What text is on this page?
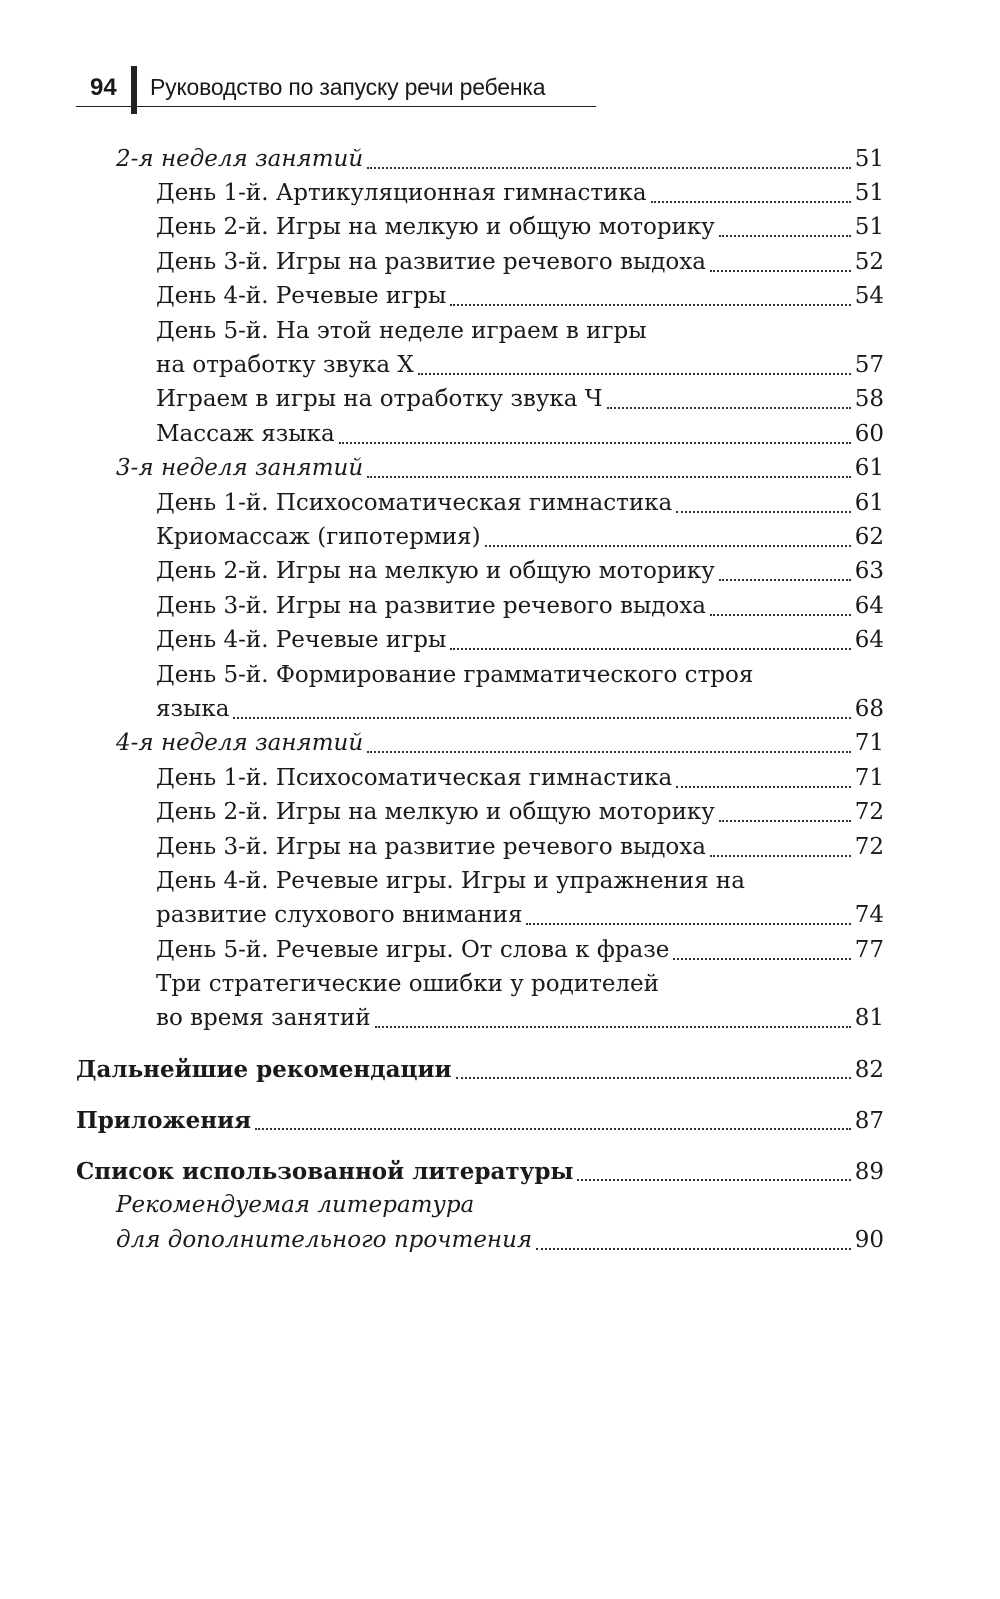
94 Руководство по запуску речи ребенка
2-я неделя занятий	51
День 1-й. Артикуляционная гимнастика	51
День 2-й. Игры на мелкую и общую моторику	51
День 3-й. Игры на развитие речевого выдоха	52
День 4-й. Речевые игры	54
День 5-й. На этой неделе играем в игры
на отработку звука Х	57
Играем в игры на отработку звука Ч	58
Массаж языка	60
3-я неделя занятий	61
День 1-й. Психосоматическая гимнастика	61
Криомассаж (гипотермия)	62
День 2-й. Игры на мелкую и общую моторику	63
День 3-й. Игры на развитие речевого выдоха	64
День 4-й. Речевые игры	64
День 5-й. Формирование грамматического строя
языка	68
4-я неделя занятий	71
День 1-й. Психосоматическая гимнастика	71
День 2-й. Игры на мелкую и общую моторику	72
День 3-й. Игры на развитие речевого выдоха	72
День 4-й. Речевые игры. Игры и упражнения на
развитие слухового внимания	74
День 5-й. Речевые игры. От слова к фразе	77
Три стратегические ошибки у родителей
во время занятий	81
Дальнейшие рекомендации	82
Приложения	87
Список использованной литературы	89
Рекомендуемая литература
для дополнительного прочтения	90
